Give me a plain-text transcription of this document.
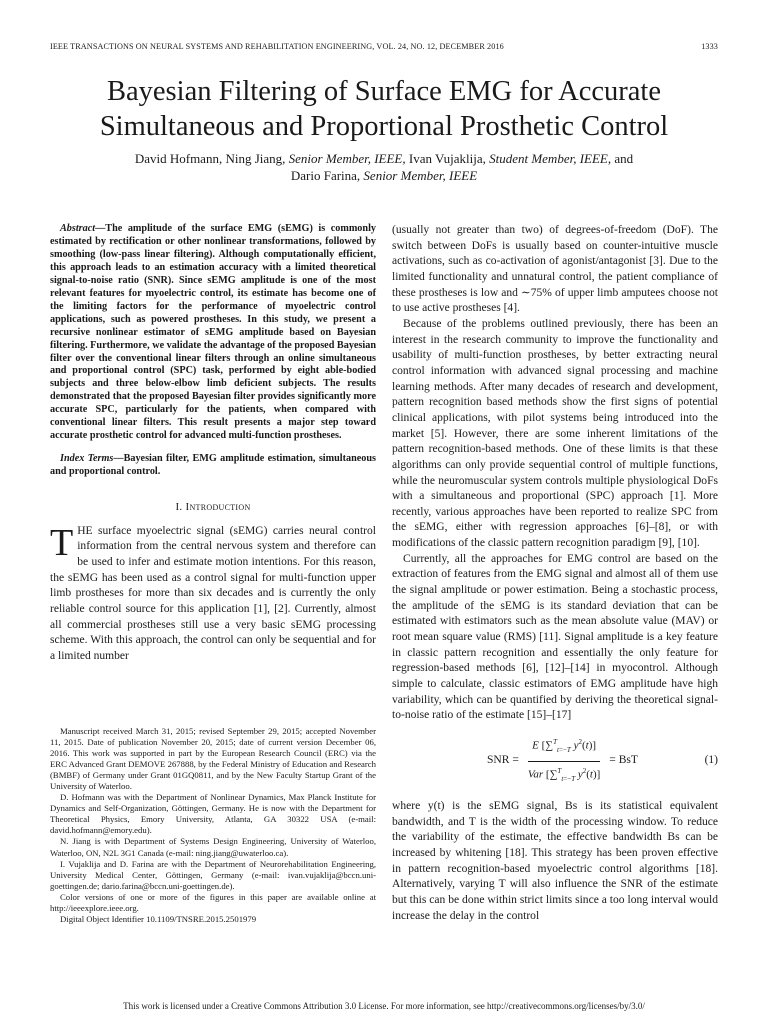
IEEE TRANSACTIONS ON NEURAL SYSTEMS AND REHABILITATION ENGINEERING, VOL. 24, NO. 12, DECEMBER 2016	1333
Bayesian Filtering of Surface EMG for Accurate
Simultaneous and Proportional Prosthetic Control
David Hofmann, Ning Jiang, Senior Member, IEEE, Ivan Vujaklija, Student Member, IEEE, and
Dario Farina, Senior Member, IEEE

Abstract—The amplitude of the surface EMG (sEMG) is commonly estimated by rectification or other nonlinear transformations, followed by smoothing (low-pass linear filtering). Although computationally efficient, this approach leads to an estimation accuracy with a limited theoretical signal-to-noise ratio (SNR). Since sEMG amplitude is one of the most relevant features for myoelectric control, its estimate has become one of the limiting factors for the performance of myoelectric control applications, such as powered prostheses. In this study, we present a recursive nonlinear estimator of sEMG amplitude based on Bayesian filtering. Furthermore, we validate the advantage of the proposed Bayesian filter over the conventional linear filters through an online simultaneous and proportional control (SPC) task, performed by eight able-bodied subjects and three below-elbow limb deficient subjects. The results demonstrated that the proposed Bayesian filter provides significantly more accurate SPC, particularly for the patients, when compared with conventional linear filters. This result presents a major step toward accurate prosthetic control for advanced multi-function prostheses.

Index Terms—Bayesian filter, EMG amplitude estimation, simultaneous and proportional control.

I. Introduction

THE surface myoelectric signal (sEMG) carries neural control information from the central nervous system and therefore can be used to infer and estimate motion intentions. For this reason, the sEMG has been used as a control signal for multi-function upper limb prostheses for more than six decades and is currently the only reliable control source for this application [1], [2]. Currently, almost all commercial prostheses still use a very basic sEMG processing scheme. With this approach, the control can only be sequential and for a limited number

Manuscript received March 31, 2015; revised September 29, 2015; accepted November 11, 2015. Date of publication November 20, 2015; date of current version December 06, 2016. This work was supported in part by the European Research Council (ERC) via the ERC Advanced Grant DEMOVE 267888, by the Federal Ministry of Education and Research (BMBF) of Germany under Grant 01GQ0811, and by the New Faculty Startup Grant of the University of Waterloo.

D. Hofmann was with the Department of Nonlinear Dynamics, Max Planck Institute for Dynamics and Self-Organization, Göttingen, Germany. He is now with the Department for Theoretical Physics, Emory University, Atlanta, GA 30322 USA (e-mail: david.hofmann@emory.edu).

N. Jiang is with Department of Systems Design Engineering, University of Waterloo, Waterloo, ON, N2L 3G1 Canada (e-mail: ning.jiang@uwaterloo.ca).

I. Vujaklija and D. Farina are with the Department of Neurorehabilitation Engineering, University Medical Center, Göttingen, Germany (e-mail: ivan.vujaklija@bccn.uni-goettingen.de; dario.farina@bccn.uni-goettingen.de).

Color versions of one or more of the figures in this paper are available online at http://ieeexplore.ieee.org.

Digital Object Identifier 10.1109/TNSRE.2015.2501979

(usually not greater than two) of degrees-of-freedom (DoF). The switch between DoFs is usually based on counter-intuitive muscle activations, such as co-activation of agonist/antagonist [3]. Due to the limited functionality and unnatural control, the patient compliance of these prostheses is low and ∼75% of upper limb amputees choose not to use active prostheses [4].

Because of the problems outlined previously, there has been an interest in the research community to improve the functionality and usability of multi-function prostheses, by better extracting neural control information with advanced signal processing and machine learning methods. After many decades of research and development, pattern recognition based methods show the first signs of potential clinical applications, with pilot systems being introduced into the market [5]. However, there are some inherent limitations of the pattern recognition-based methods. One of these limits is that these algorithms can only provide sequential control of multiple functions, while the neuromuscular system controls multiple physiological DoFs with a simultaneous and proportional (SPC) approach [1]. More recently, various approaches have been reported to realize SPC from the sEMG, either with regression approaches [6]–[8], or with modifications of the classic pattern recognition paradigm [9], [10].

Currently, all the approaches for EMG control are based on the extraction of features from the EMG signal and almost all of them use the signal amplitude or power estimation. Being a stochastic process, the amplitude of the sEMG is its standard deviation that can be estimated with estimators such as the mean absolute value (MAV) or root mean square value (RMS) [11]. Signal amplitude is a key feature in classic pattern recognition and essentially the only feature for regression-based methods [6], [12]–[14] in myocontrol. Although simple to calculate, classic estimators of EMG amplitude have high variability, which can be quantified by deriving the theoretical signal-to-noise ratio of the estimate [15]–[17]

SNR = $\frac{E [\sum^T_{t=-T} y^2(t)]}{Var [\sum^T_{t=-T} y^2(t)]}$ = BsT	(1)

where y(t) is the sEMG signal, Bs is its statistical equivalent bandwidth, and T is the width of the processing window. To reduce the variability of the estimate, the effective bandwidth Bs can be increased by whitening [18]. This strategy has been proven effective in pattern recognition-based myoelectric control algorithms [18]. Alternatively, varying T will also influence the SNR of the estimate but this can be done within strict limits since a too long interval would increase the delay in the control

This work is licensed under a Creative Commons Attribution 3.0 License. For more information, see http://creativecommons.org/licenses/by/3.0/
